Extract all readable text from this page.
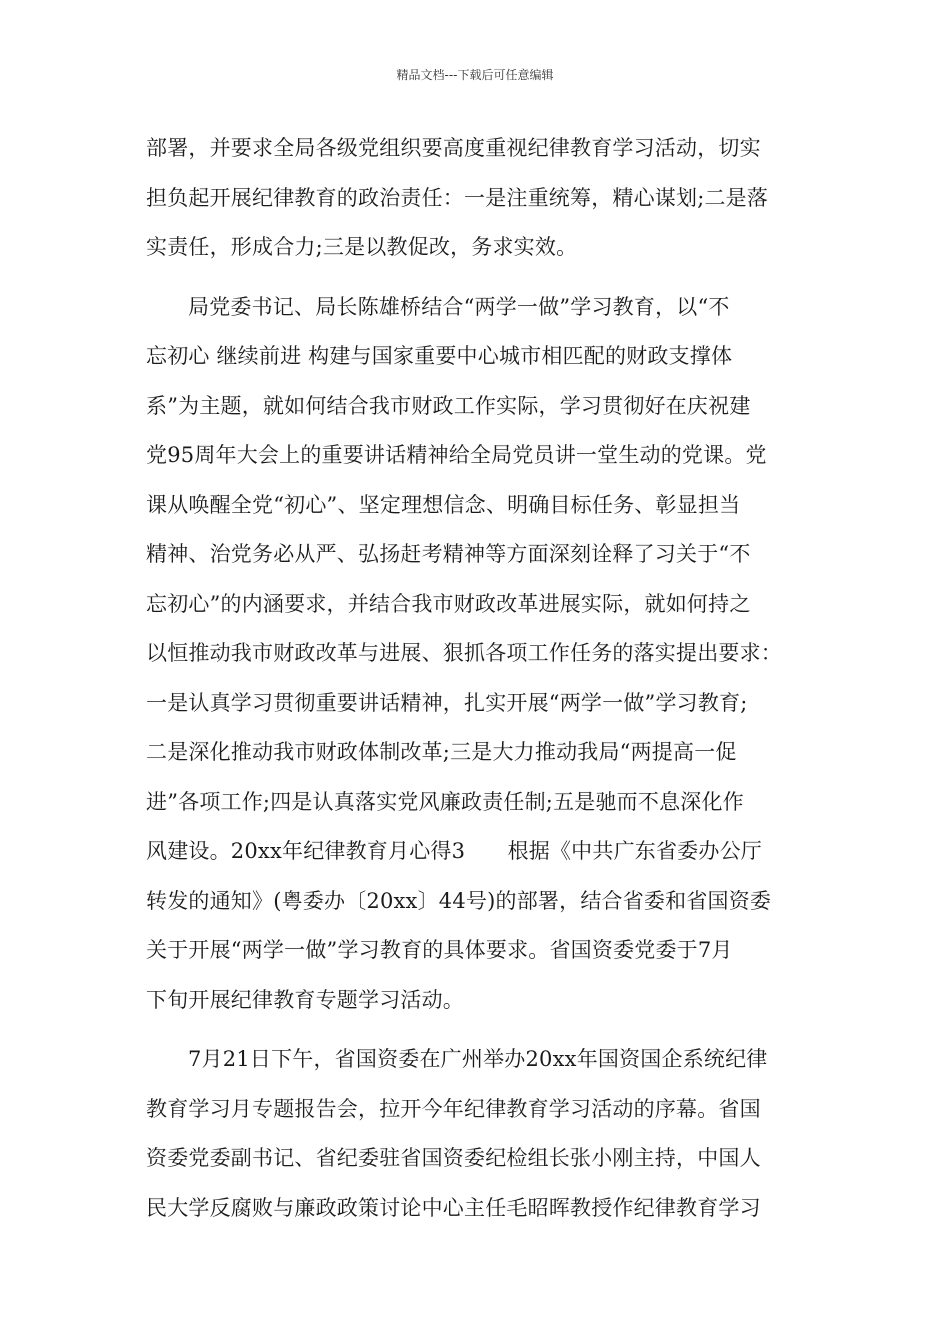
精品文档---下载后可任意编辑
部署，并要求全局各级党组织要高度重视纪律教育学习活动，切实
担负起开展纪律教育的政治责任：一是注重统筹，精心谋划;二是落
实责任，形成合力;三是以教促改，务求实效。
局党委书记、局长陈雄桥结合“两学一做”学习教育，以“不
忘初心 继续前进 构建与国家重要中心城市相匹配的财政支撑体
系”为主题，就如何结合我市财政工作实际，学习贯彻好在庆祝建
党95周年大会上的重要讲话精神给全局党员讲一堂生动的党课。党
课从唤醒全党“初心”、坚定理想信念、明确目标任务、彰显担当
精神、治党务必从严、弘扬赶考精神等方面深刻诠释了习关于“不
忘初心”的内涵要求，并结合我市财政改革进展实际，就如何持之
以恒推动我市财政改革与进展、狠抓各项工作任务的落实提出要求：
一是认真学习贯彻重要讲话精神，扎实开展“两学一做”学习教育;
二是深化推动我市财政体制改革;三是大力推动我局“两提高一促
进”各项工作;四是认真落实党风廉政责任制;五是驰而不息深化作
风建设。20xx年纪律教育月心得3　　根据《中共广东省委办公厅
转发的通知》(粤委办〔20xx〕44号)的部署，结合省委和省国资委
关于开展“两学一做”学习教育的具体要求。省国资委党委于7月
下旬开展纪律教育专题学习活动。
7月21日下午，省国资委在广州举办20xx年国资国企系统纪律
教育学习月专题报告会，拉开今年纪律教育学习活动的序幕。省国
资委党委副书记、省纪委驻省国资委纪检组长张小刚主持，中国人
民大学反腐败与廉政政策讨论中心主任毛昭晖教授作纪律教育学习
